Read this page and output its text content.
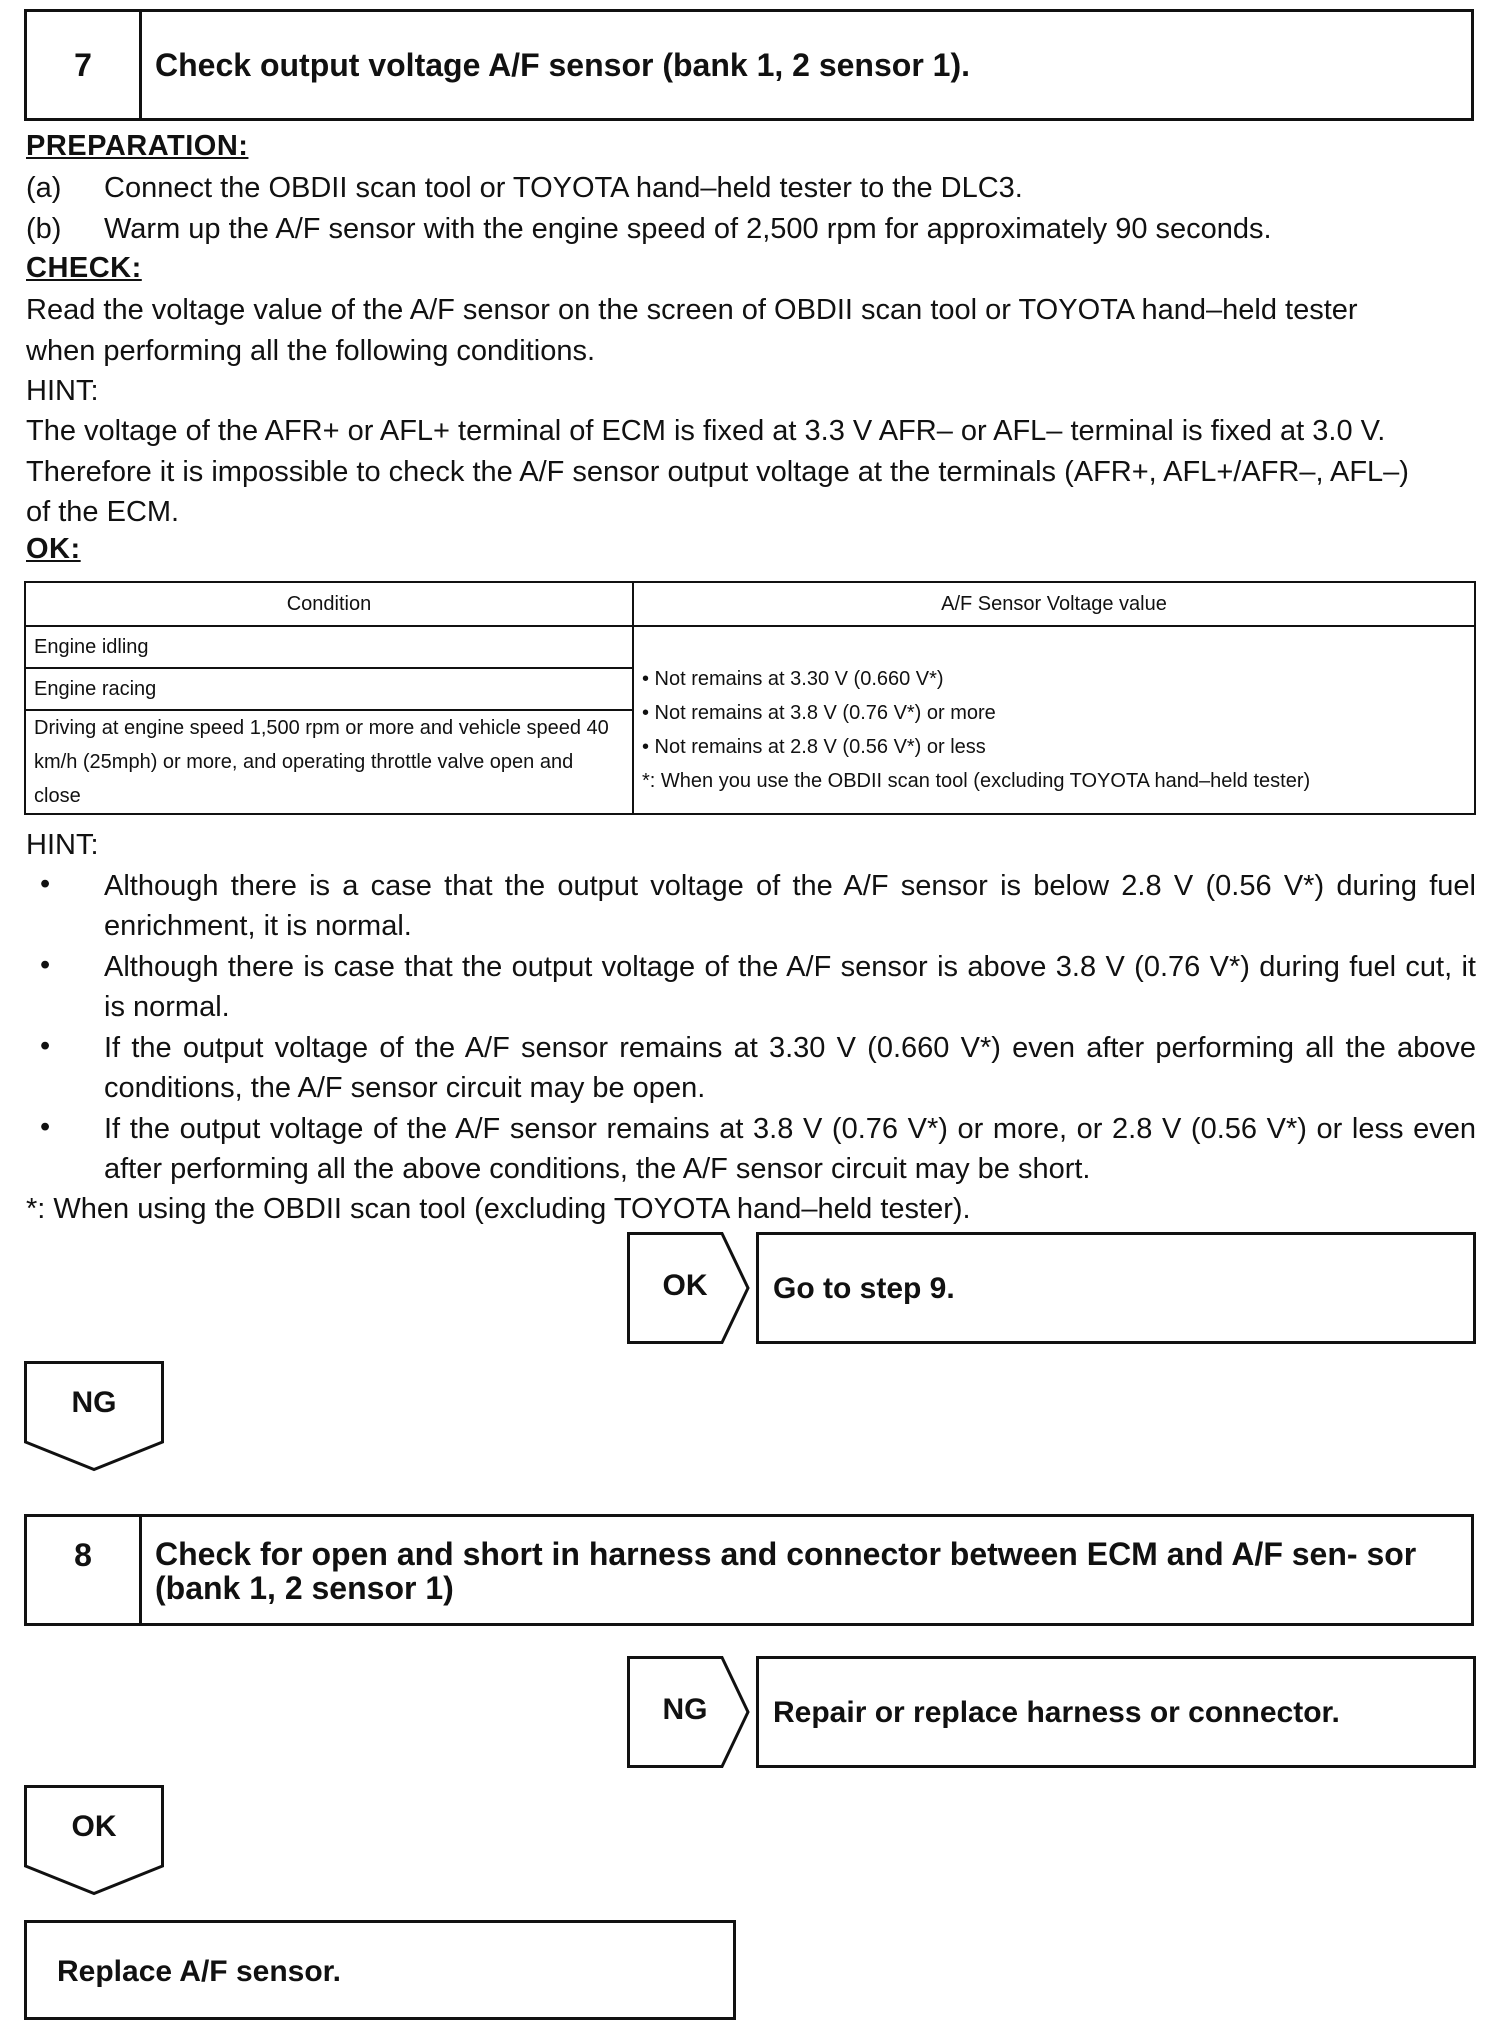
7	Check output voltage A/F sensor (bank 1, 2 sensor 1).
PREPARATION:
(a) Connect the OBDII scan tool or TOYOTA hand–held tester to the DLC3.
(b) Warm up the A/F sensor with the engine speed of 2,500 rpm for approximately 90 seconds.
CHECK:
Read the voltage value of the A/F sensor on the screen of OBDII scan tool or TOYOTA hand–held tester
when performing all the following conditions.
HINT:
The voltage of the AFR+ or AFL+ terminal of ECM is fixed at 3.3 V AFR– or AFL– terminal is fixed at 3.0 V.
Therefore it is impossible to check the A/F sensor output voltage at the terminals (AFR+, AFL+/AFR–, AFL–)
of the ECM.
OK:
Condition	A/F Sensor Voltage value
Engine idling	• Not remains at 3.30 V (0.660 V*)
• Not remains at 3.8 V (0.76 V*) or more
• Not remains at 2.8 V (0.56 V*) or less
*: When you use the OBDII scan tool (excluding TOYOTA hand–held tester)

Engine racing	
Driving at engine speed 1,500 rpm or more and vehicle speed 40 km/h (25mph) or more, and operating throttle valve open and close	
HINT:
• Although there is a case that the output voltage of the A/F sensor is below 2.8 V (0.56 V*) during fuel enrichment, it is normal.
• Although there is case that the output voltage of the A/F sensor is above 3.8 V (0.76 V*) during fuel cut, it is normal.
• If the output voltage of the A/F sensor remains at 3.30 V (0.660 V*) even after performing all the above conditions, the A/F sensor circuit may be open.
• If the output voltage of the A/F sensor remains at 3.8 V (0.76 V*) or more, or 2.8 V (0.56 V*) or less even after performing all the above conditions, the A/F sensor circuit may be short.
*: When using the OBDII scan tool (excluding TOYOTA hand–held tester).
OK	Go to step 9.
NG
8	Check for open and short in harness and connector between ECM and A/F sen- sor (bank 1, 2 sensor 1)
NG	Repair or replace harness or connector.
OK
Replace A/F sensor.
